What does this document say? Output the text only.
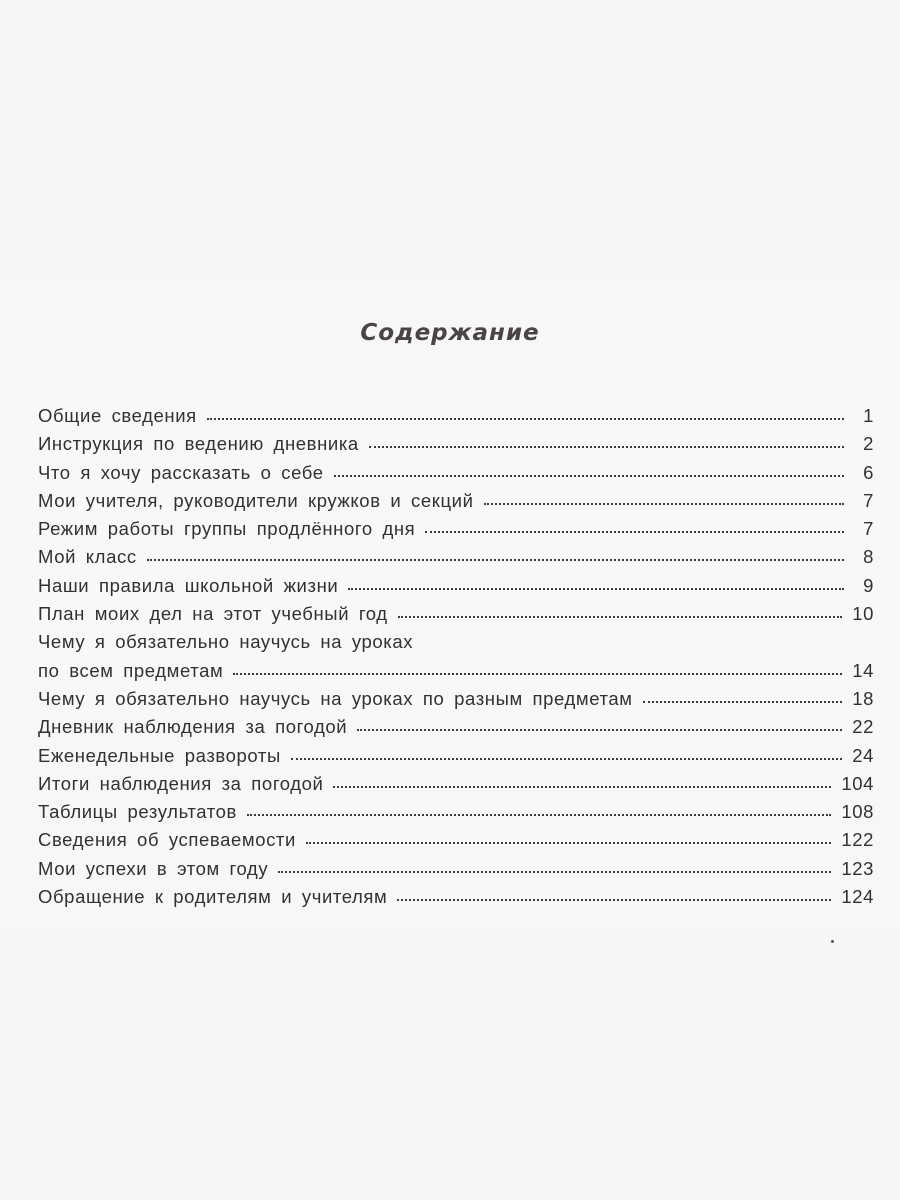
Содержание
Общие сведения	1
Инструкция по ведению дневника	2
Что я хочу рассказать о себе	6
Мои учителя, руководители кружков и секций	7
Режим работы группы продлённого дня	7
Мой класс	8
Наши правила школьной жизни	9
План моих дел на этот учебный год	10
Чему я обязательно научусь на уроках
по всем предметам	14
Чему я обязательно научусь на уроках по разным предметам	18
Дневник наблюдения за погодой	22
Еженедельные развороты	24
Итоги наблюдения за погодой	104
Таблицы результатов	108
Сведения об успеваемости	122
Мои успехи в этом году	123
Обращение к родителям и учителям	124
